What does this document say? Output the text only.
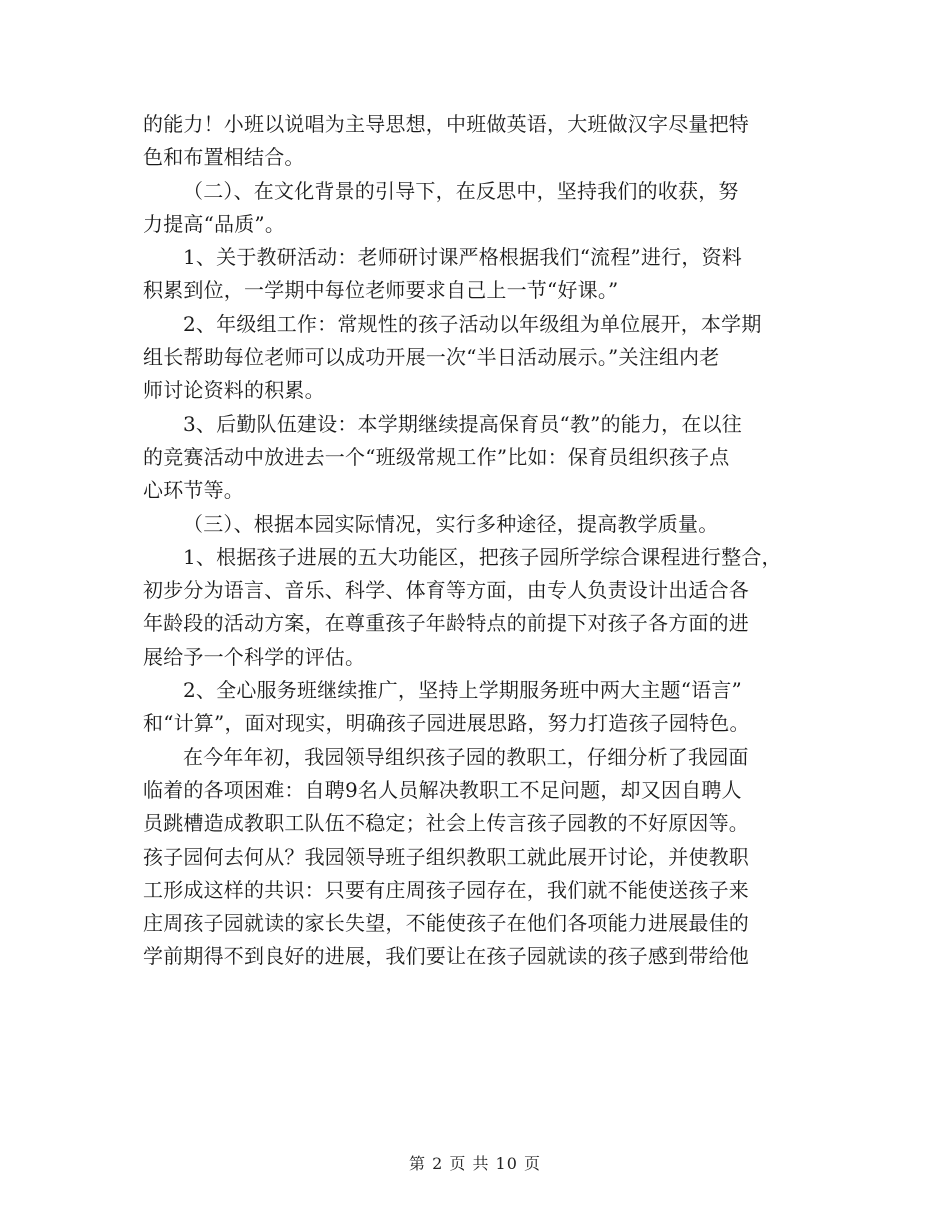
的能力！小班以说唱为主导思想，中班做英语，大班做汉字尽量把特
色和布置相结合。
（二）、在文化背景的引导下，在反思中，坚持我们的收获，努
力提高“品质”。
1、关于教研活动：老师研讨课严格根据我们“流程”进行，资料
积累到位，一学期中每位老师要求自己上一节“好课。”
2、年级组工作：常规性的孩子活动以年级组为单位展开，本学期
组长帮助每位老师可以成功开展一次“半日活动展示。”关注组内老
师讨论资料的积累。
3、后勤队伍建设：本学期继续提高保育员“教”的能力，在以往
的竞赛活动中放进去一个“班级常规工作”比如：保育员组织孩子点
心环节等。
（三）、根据本园实际情况，实行多种途径，提高教学质量。
1、根据孩子进展的五大功能区，把孩子园所学综合课程进行整合，
初步分为语言、音乐、科学、体育等方面，由专人负责设计出适合各
年龄段的活动方案，在尊重孩子年龄特点的前提下对孩子各方面的进
展给予一个科学的评估。
2、全心服务班继续推广，坚持上学期服务班中两大主题“语言”
和“计算”，面对现实，明确孩子园进展思路，努力打造孩子园特色。
在今年年初，我园领导组织孩子园的教职工，仔细分析了我园面
临着的各项困难：自聘9名人员解决教职工不足问题，却又因自聘人
员跳槽造成教职工队伍不稳定；社会上传言孩子园教的不好原因等。
孩子园何去何从？我园领导班子组织教职工就此展开讨论，并使教职
工形成这样的共识：只要有庄周孩子园存在，我们就不能使送孩子来
庄周孩子园就读的家长失望，不能使孩子在他们各项能力进展最佳的
学前期得不到良好的进展，我们要让在孩子园就读的孩子感到带给他
第 2 页 共 10 页
